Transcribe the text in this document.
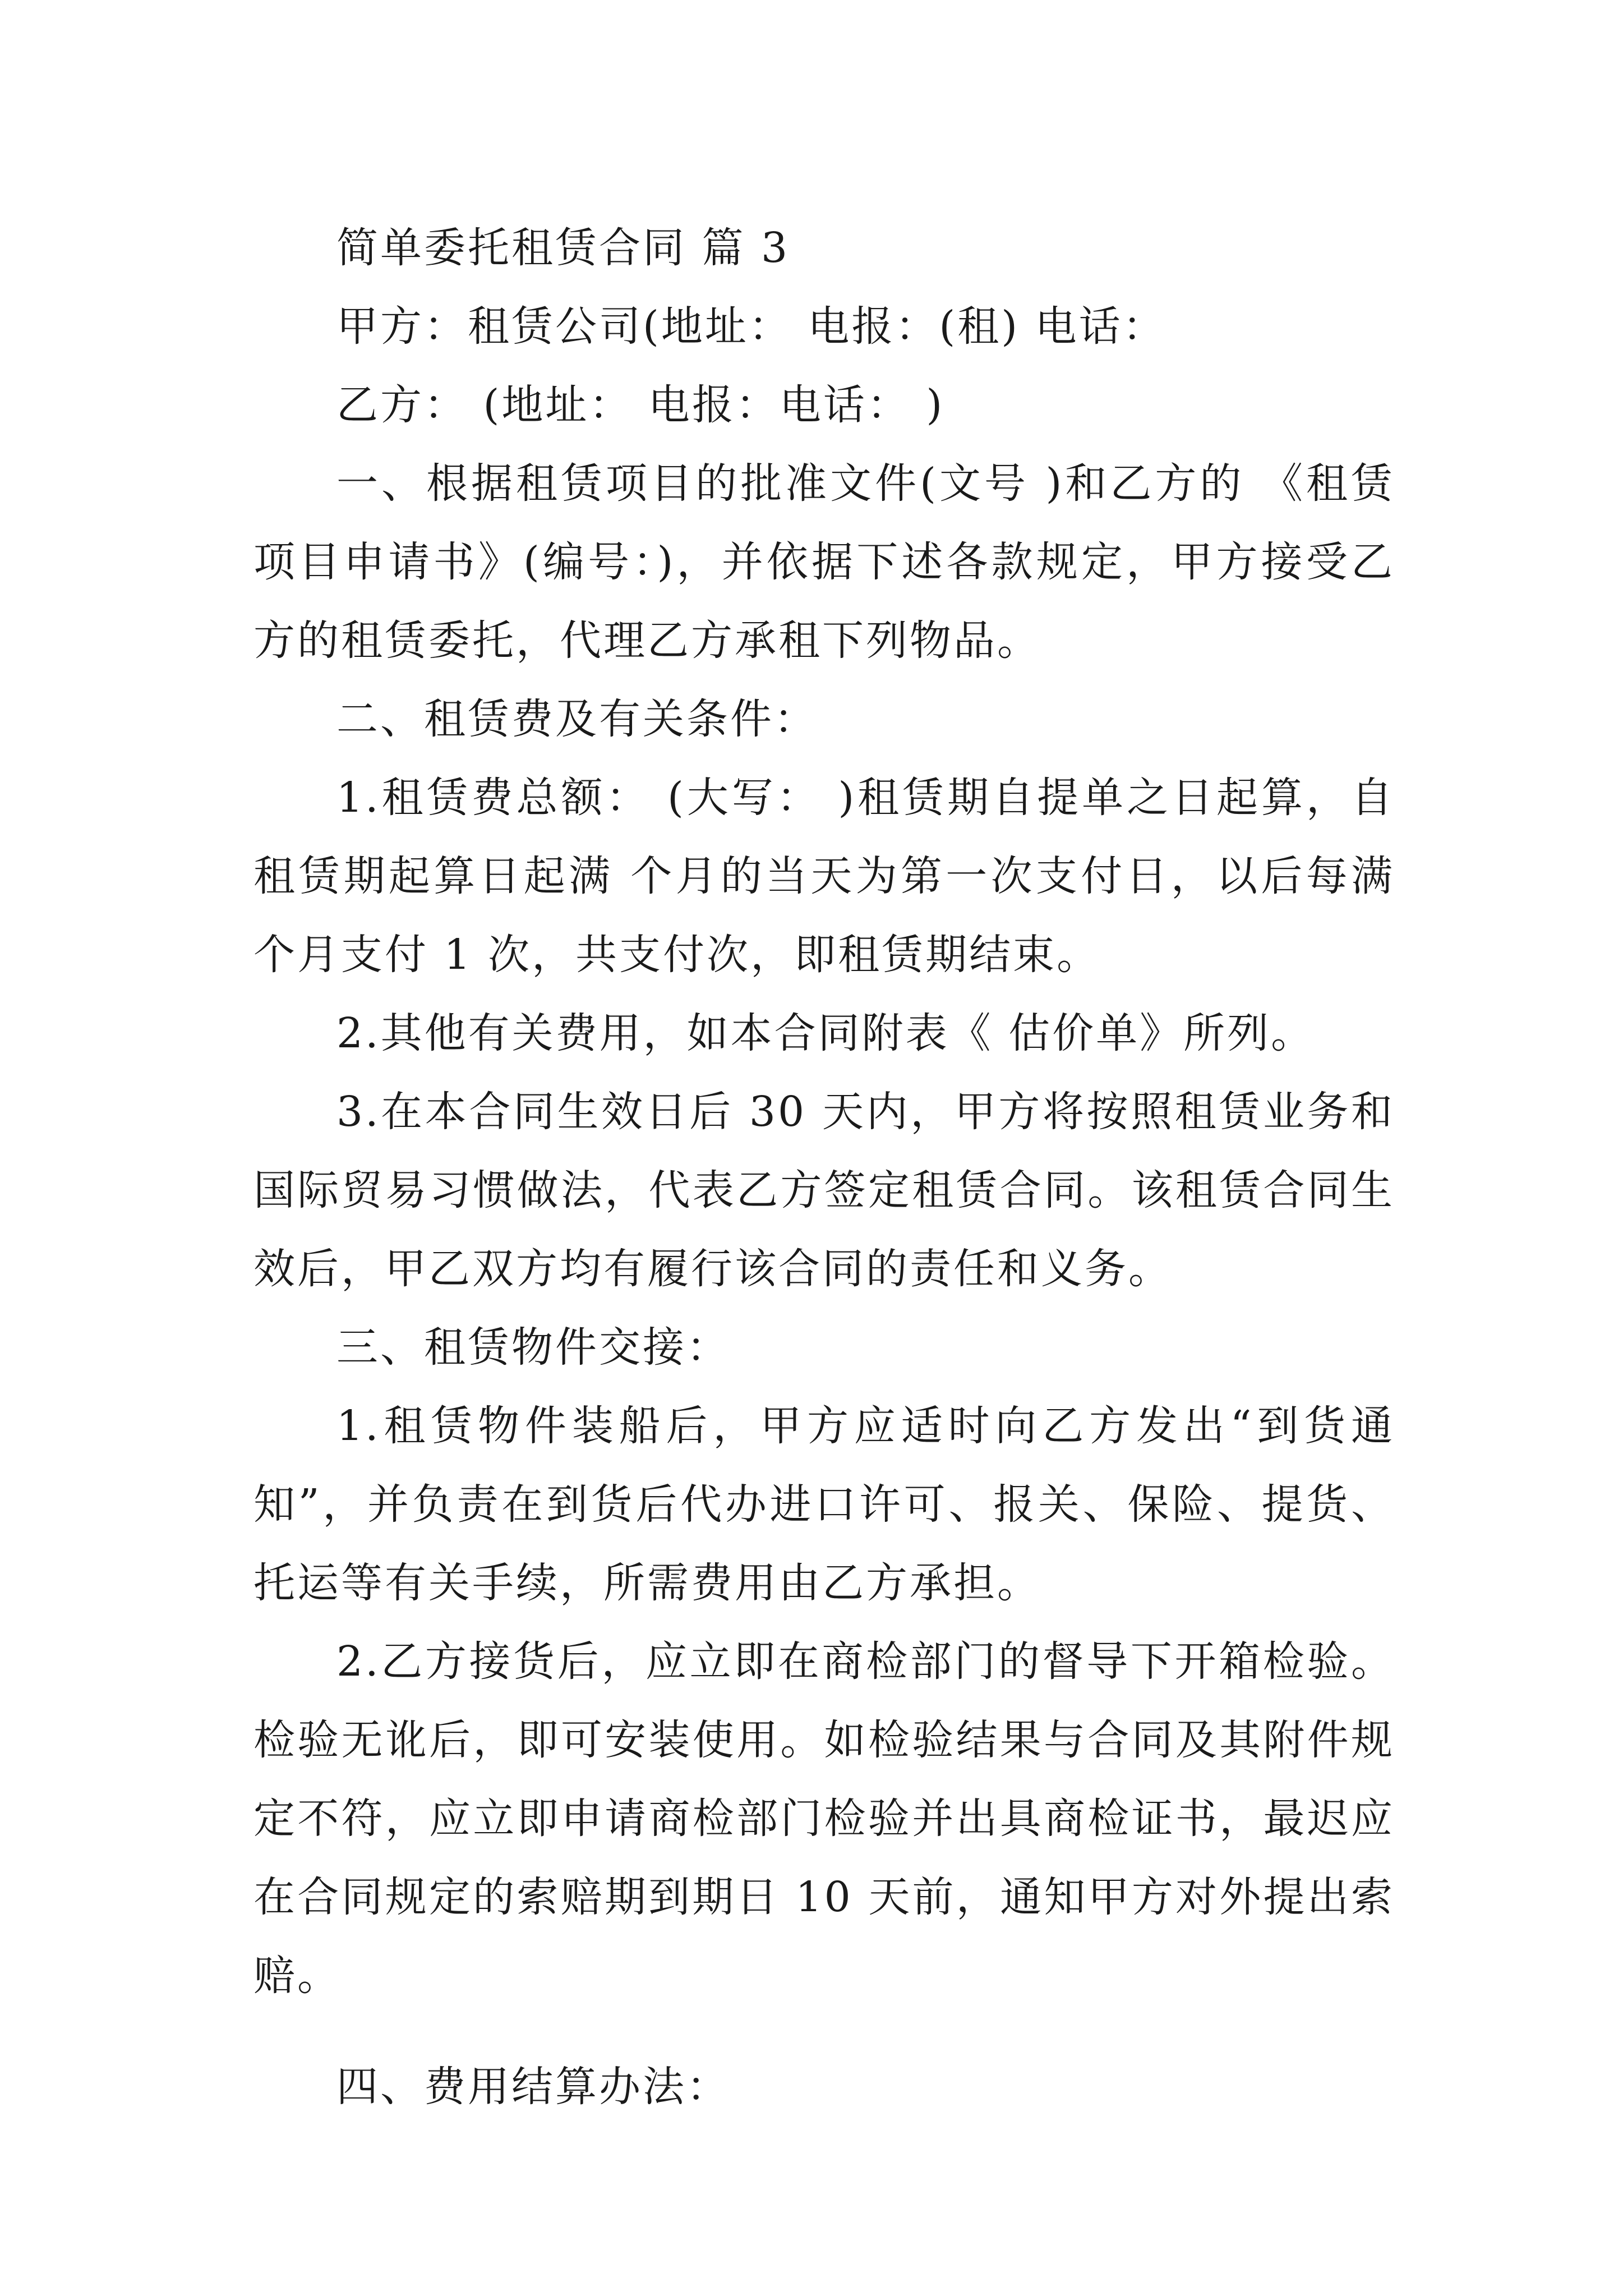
简单委托租赁合同 篇 3

甲方：租赁公司(地址： 电报：(租) 电话：

乙方： (地址： 电报：电话： )

一、根据租赁项目的批准文件(文号 )和乙方的 《租赁项目申请书》(编号：)，并依据下述各款规定，甲方接受乙方的租赁委托，代理乙方承租下列物品。

二、租赁费及有关条件：

1.租赁费总额： (大写： )租赁期自提单之日起算，自租赁期起算日起满 个月的当天为第一次支付日，以后每满个月支付 1 次，共支付次，即租赁期结束。

2.其他有关费用，如本合同附表《 估价单》所列。

3.在本合同生效日后 30 天内，甲方将按照租赁业务和国际贸易习惯做法，代表乙方签定租赁合同。该租赁合同生效后，甲乙双方均有履行该合同的责任和义务。

三、租赁物件交接：

1.租赁物件装船后，甲方应适时向乙方发出“到货通知”，并负责在到货后代办进口许可、报关、保险、提货、托运等有关手续，所需费用由乙方承担。

2.乙方接货后，应立即在商检部门的督导下开箱检验。检验无讹后，即可安装使用。如检验结果与合同及其附件规定不符，应立即申请商检部门检验并出具商检证书，最迟应在合同规定的索赔期到期日 10 天前，通知甲方对外提出索赔。

四、费用结算办法：
